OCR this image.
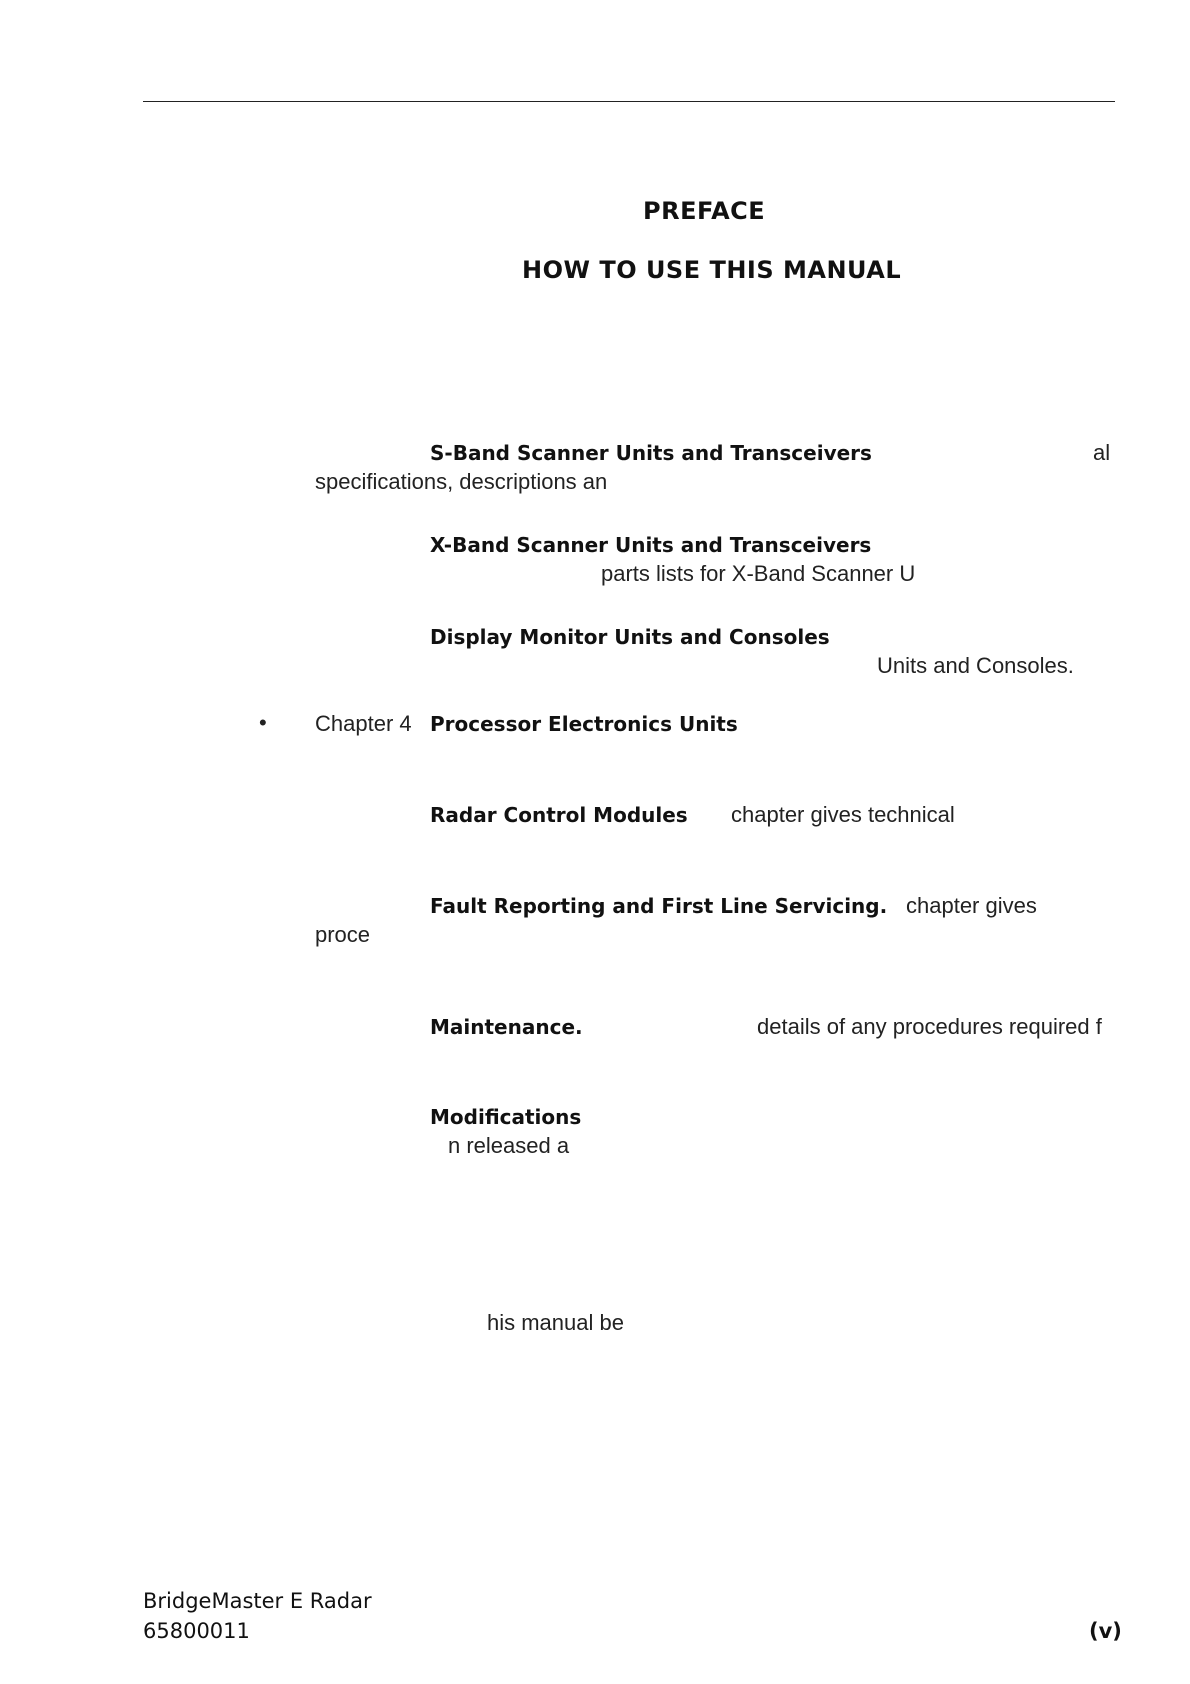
PREFACE
HOW TO USE THIS MANUAL
S-Band Scanner Units and Transceivers	al
specifications, descriptions an
X-Band Scanner Units and Transceivers
parts lists for X-Band Scanner U
Display Monitor Units and Consoles
Units and Consoles.
• Chapter 4 Processor Electronics Units
Radar Control Modules chapter gives technical
Fault Reporting and First Line Servicing. chapter gives
proce
Maintenance.	details of any procedures required f
Modifications
n released a
his manual be
BridgeMaster E Radar
65800011	(v)
